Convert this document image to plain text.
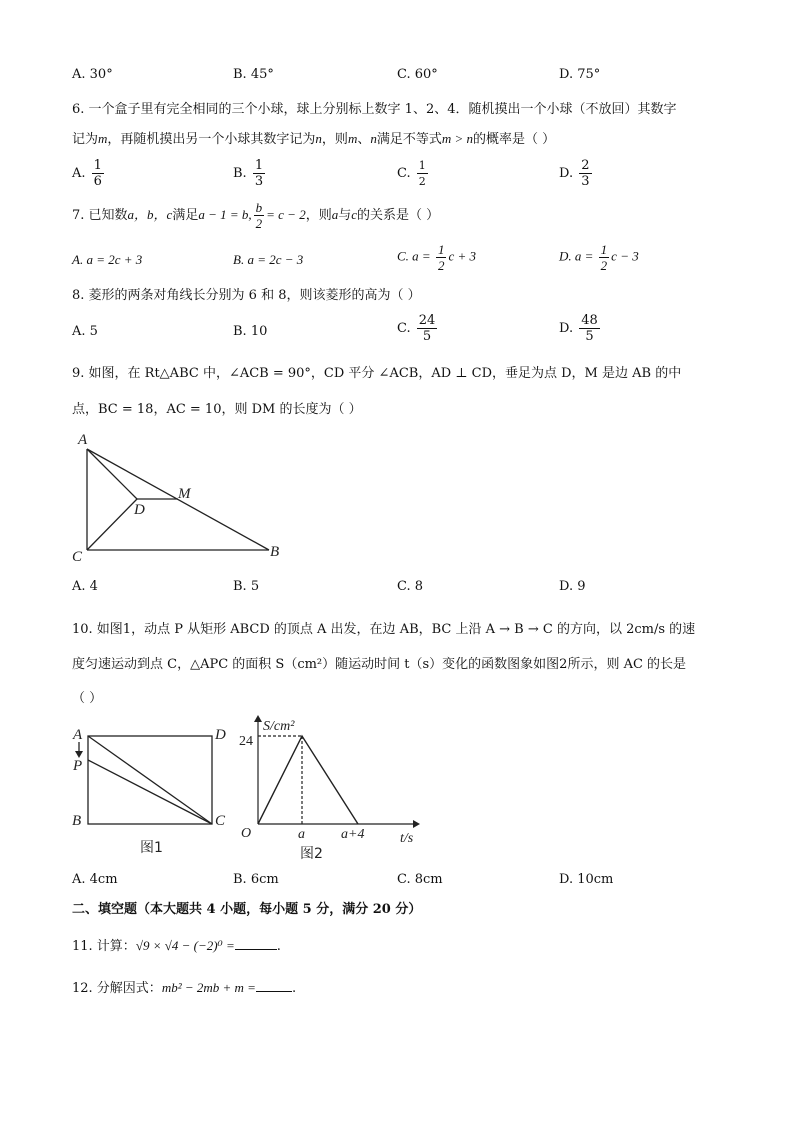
A. 30°	B. 45°	C. 60°	D. 75°
6. 一个盒子里有完全相同的三个小球，球上分别标上数字 1、2、4．随机摸出一个小球（不放回）其数字
记为m，再随机摸出另一个小球其数字记为n，则m、n满足不等式m > n的概率是（ ）
A. $\frac{1}{6}$	B. $\frac{1}{3}$	C. $\frac{1}{2}$	D. $\frac{2}{3}$
7. 已知数a，b，c满足a − 1 = b, $\frac{b}{2} = c - 2$，则a与c的关系是（ ）
A. a = 2c + 3	B. a = 2c − 3	C. $a = \frac{1}{2}$ c + 3	D. $a = \frac{1}{2}$ c − 3
8. 菱形的两条对角线长分别为 6 和 8，则该菱形的高为（ ）
A. 5	B. 10	C. $\frac{24}{5}$	D. $\frac{48}{5}$
9. 如图，在 Rt△ABC 中，∠ACB = 90°，CD 平分 ∠ACB，AD ⊥ CD，垂足为点 D，M 是边 AB 的中
点，BC = 18，AC = 10，则 DM 的长度为（ ）
A
B
C
D
M
A. 4	B. 5	C. 8	D. 9
10. 如图1，动点 P 从矩形 ABCD 的顶点 A 出发，在边 AB，BC 上沿 A → B → C 的方向，以 2cm/s 的速
度匀速运动到点 C，△APC 的面积 S（cm²）随运动时间 t（s）变化的函数图象如图2所示，则 AC 的长是
（ ）
A	D
P
B	C
图1
S/cm²
24
O	a	a+4	t/s
图2
A. 4cm	B. 6cm	C. 8cm	D. 10cm
二、填空题（本大题共 4 小题，每小题 5 分，满分 20 分）
11. 计算：√9 × √4 − (−2)⁰ =	.
12. 分解因式：mb² − 2mb + m =	.
